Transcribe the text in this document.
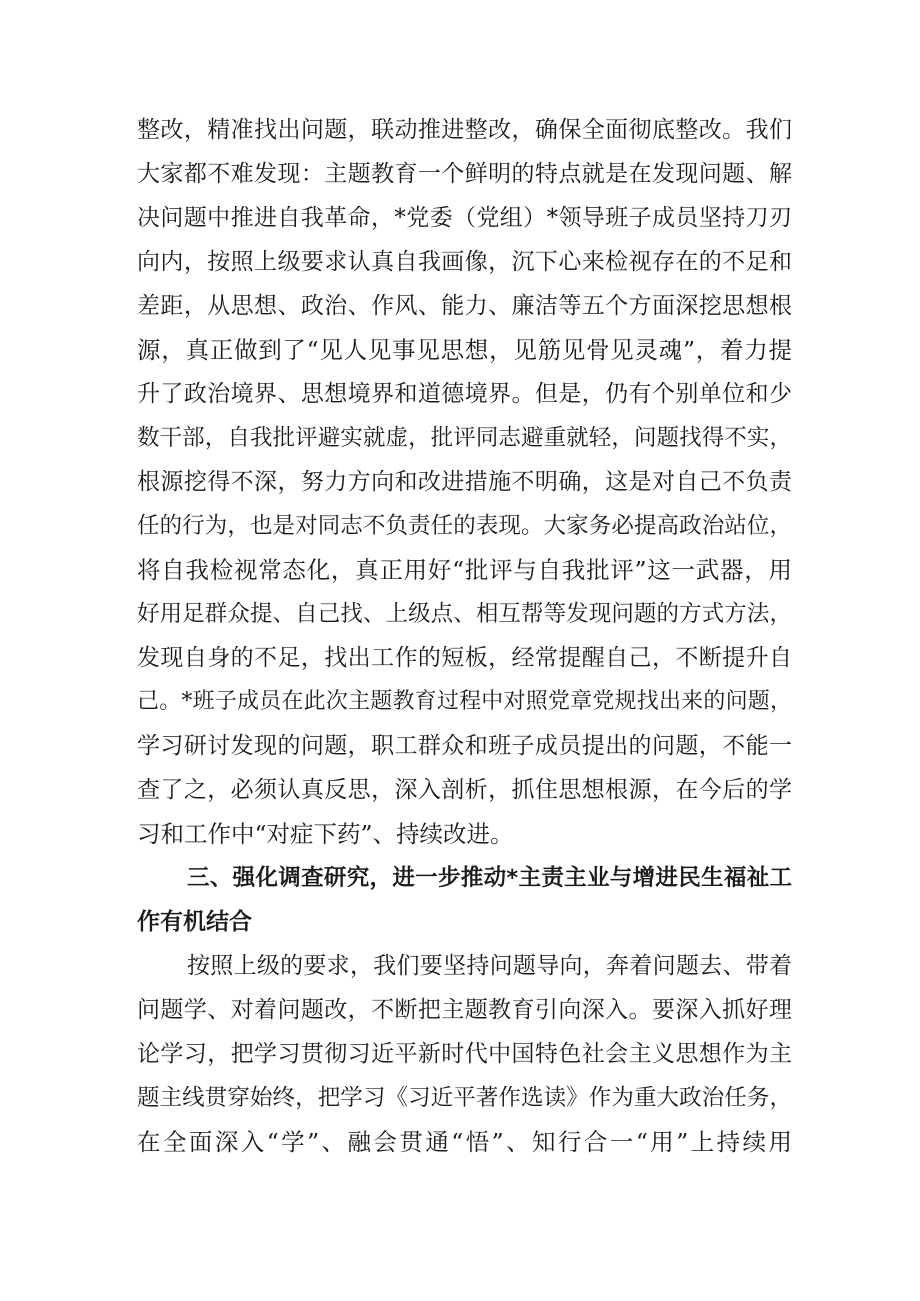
整改，精准找出问题，联动推进整改，确保全面彻底整改。我们
大家都不难发现：主题教育一个鲜明的特点就是在发现问题、解
决问题中推进自我革命，*党委（党组）*领导班子成员坚持刀刃
向内，按照上级要求认真自我画像，沉下心来检视存在的不足和
差距，从思想、政治、作风、能力、廉洁等五个方面深挖思想根
源，真正做到了“见人见事见思想，见筋见骨见灵魂”，着力提
升了政治境界、思想境界和道德境界。但是，仍有个别单位和少
数干部，自我批评避实就虚，批评同志避重就轻，问题找得不实，
根源挖得不深，努力方向和改进措施不明确，这是对自己不负责
任的行为，也是对同志不负责任的表现。大家务必提高政治站位，
将自我检视常态化，真正用好“批评与自我批评”这一武器，用
好用足群众提、自己找、上级点、相互帮等发现问题的方式方法，
发现自身的不足，找出工作的短板，经常提醒自己，不断提升自
己。*班子成员在此次主题教育过程中对照党章党规找出来的问题，
学习研讨发现的问题，职工群众和班子成员提出的问题，不能一
查了之，必须认真反思，深入剖析，抓住思想根源，在今后的学
习和工作中“对症下药”、持续改进。
三、强化调查研究，进一步推动*主责主业与增进民生福祉工
作有机结合
按照上级的要求，我们要坚持问题导向，奔着问题去、带着
问题学、对着问题改，不断把主题教育引向深入。要深入抓好理
论学习，把学习贯彻习近平新时代中国特色社会主义思想作为主
题主线贯穿始终，把学习《习近平著作选读》作为重大政治任务，
在全面深入“学”、融会贯通“悟”、知行合一“用”上持续用
